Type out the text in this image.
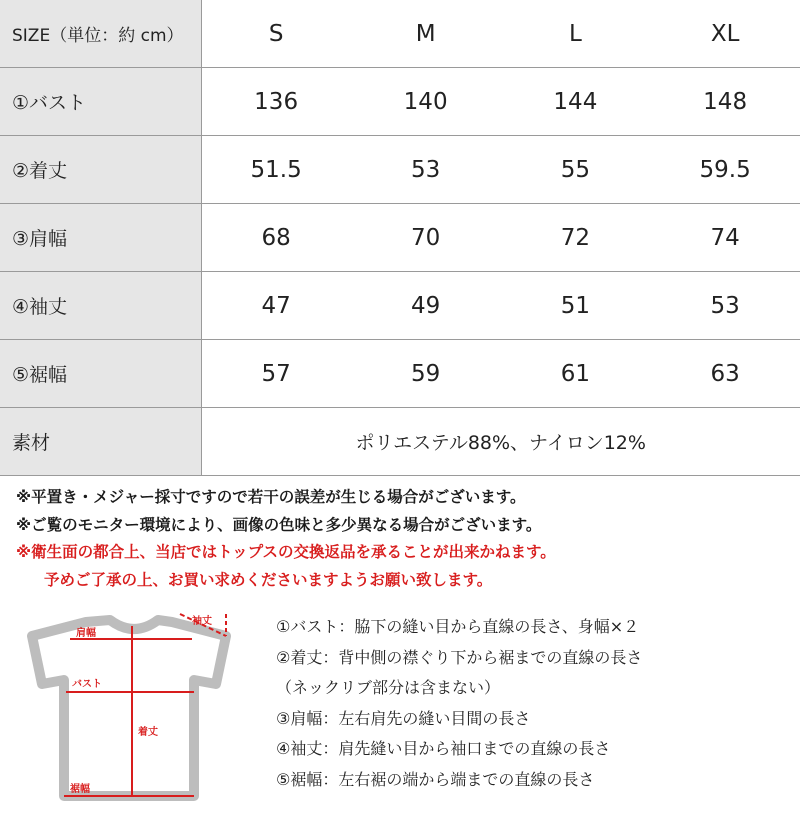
SIZE（単位：約 cm）	S	M	L	XL
①バスト	136	140	144	148
②着丈	51.5	53	55	59.5
③肩幅	68	70	72	74
④袖丈	47	49	51	53
⑤裾幅	57	59	61	63
素材	ポリエステル88%、ナイロン12%			
※平置き・メジャー採寸ですので若干の誤差が生じる場合がございます。
※ご覧のモニター環境により、画像の色味と多少異なる場合がございます。
※衛生面の都合上、当店ではトップスの交換返品を承ることが出来かねます。
予めご了承の上、お買い求めくださいますようお願い致します。
肩幅
袖丈
バスト
着丈
裾幅
①バスト：脇下の縫い目から直線の長さ、身幅×２
②着丈：背中側の襟ぐり下から裾までの直線の長さ
（ネックリブ部分は含まない）
③肩幅：左右肩先の縫い目間の長さ
④袖丈：肩先縫い目から袖口までの直線の長さ
⑤裾幅：左右裾の端から端までの直線の長さ
